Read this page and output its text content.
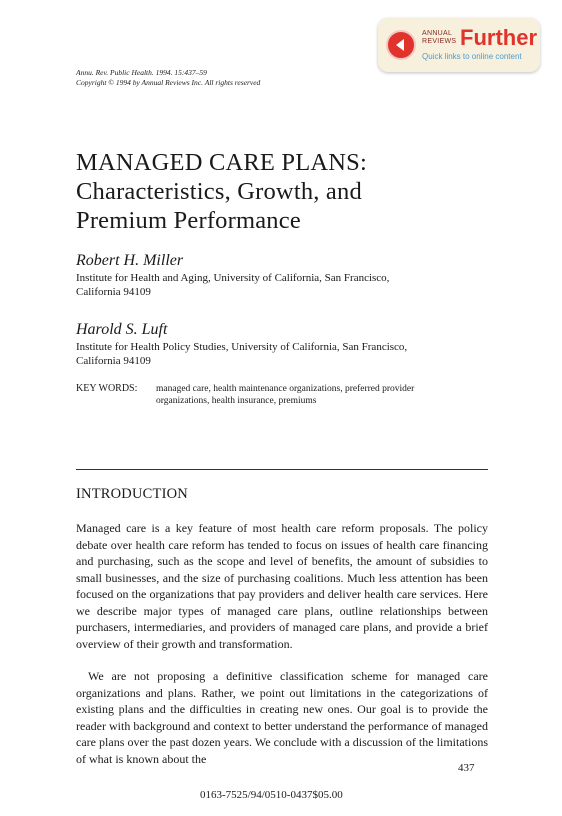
ANNUAL
REVIEWS Further
Quick links to online content
Annu. Rev. Public Health. 1994. 15:437–59
Copyright © 1994 by Annual Reviews Inc. All rights reserved
MANAGED CARE PLANS:
Characteristics, Growth, and
Premium Performance
Robert H. Miller
Institute for Health and Aging, University of California, San Francisco,
California 94109
Harold S. Luft
Institute for Health Policy Studies, University of California, San Francisco,
California 94109
KEY WORDS: managed care, health maintenance organizations, preferred provider
organizations, health insurance, premiums
INTRODUCTION
Managed care is a key feature of most health care reform proposals. The policy debate over health care reform has tended to focus on issues of health care financing and purchasing, such as the scope and level of benefits, the amount of subsidies to small businesses, and the size of purchasing coalitions. Much less attention has been focused on the organizations that pay providers and deliver health care services. Here we describe major types of managed care plans, outline relationships between purchasers, intermediaries, and providers of managed care plans, and provide a brief overview of their growth and transformation.
We are not proposing a definitive classification scheme for managed care organizations and plans. Rather, we point out limitations in the categorizations of existing plans and the difficulties in creating new ones. Our goal is to provide the reader with background and context to better understand the performance of managed care plans over the past dozen years. We conclude with a discussion of the limitations of what is known about the
437
0163-7525/94/0510-0437$05.00
